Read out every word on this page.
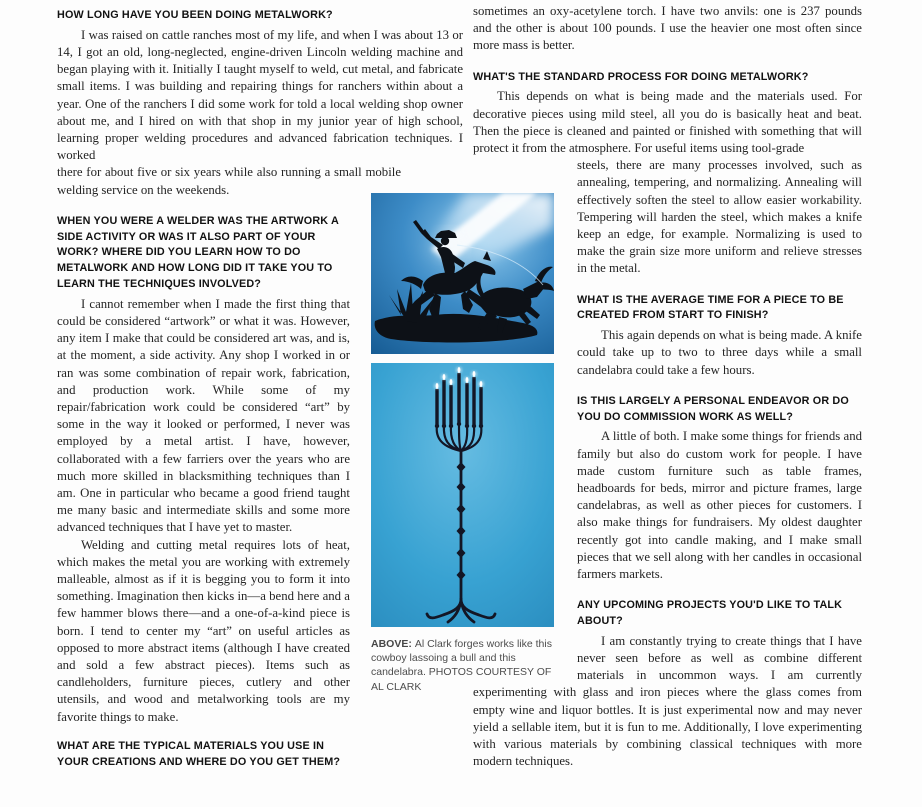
HOW LONG HAVE YOU BEEN DOING METALWORK?

I was raised on cattle ranches most of my life, and when I was about 13 or 14, I got an old, long-neglected, engine-driven Lincoln welding machine and began playing with it. Initially I taught myself to weld, cut metal, and fabricate small items. I was building and repairing things for ranchers within about a year. One of the ranchers I did some work for told a local welding shop owner about me, and I hired on with that shop in my junior year of high school, learning proper welding procedures and advanced fabrication techniques. I worked

there for about five or six years while also running a small mobile welding service on the weekends.

WHEN YOU WERE A WELDER WAS THE ARTWORK A SIDE ACTIVITY OR WAS IT ALSO PART OF YOUR WORK? WHERE DID YOU LEARN HOW TO DO METALWORK AND HOW LONG DID IT TAKE YOU TO LEARN THE TECHNIQUES INVOLVED?

I cannot remember when I made the first thing that could be considered “artwork” or what it was. However, any item I make that could be considered art was, and is, at the moment, a side activity. Any shop I worked in or ran was some combination of repair work, fabrication, and production work. While some of my repair/fabrication work could be considered “art” by some in the way it looked or performed, I never was employed by a metal artist. I have, however, collaborated with a few farriers over the years who are much more skilled in blacksmithing techniques than I am. One in particular who became a good friend taught me many basic and intermediate skills and some more advanced techniques that I have yet to master.

Welding and cutting metal requires lots of heat, which makes the metal you are working with extremely malleable, almost as if it is begging you to form it into something. Imagination then kicks in—a bend here and a few hammer blows there—and a one-of-a-kind piece is born. I tend to center my “art” on useful articles as opposed to more abstract items (although I have created and sold a few abstract pieces). Items such as candleholders, furniture pieces, cutlery and other utensils, and wood and metalworking tools are my favorite things to make.

WHAT ARE THE TYPICAL MATERIALS YOU USE IN YOUR CREATIONS AND WHERE DO YOU GET THEM?

sometimes an oxy-acetylene torch. I have two anvils: one is 237 pounds and the other is about 100 pounds. I use the heavier one most often since more mass is better.

WHAT'S THE STANDARD PROCESS FOR DOING METALWORK?

This depends on what is being made and the materials used. For decorative pieces using mild steel, all you do is basically heat and beat. Then the piece is cleaned and painted or finished with something that will protect it from the atmosphere. For useful items using tool-grade

steels, there are many processes involved, such as annealing, tempering, and normalizing. Annealing will effectively soften the steel to allow easier workability. Tempering will harden the steel, which makes a knife keep an edge, for example. Normalizing is used to make the grain size more uniform and relieve stresses in the metal.

WHAT IS THE AVERAGE TIME FOR A PIECE TO BE CREATED FROM START TO FINISH?

This again depends on what is being made. A knife could take up to two to three days while a small candelabra could take a few hours.

IS THIS LARGELY A PERSONAL ENDEAVOR OR DO YOU DO COMMISSION WORK AS WELL?

A little of both. I make some things for friends and family but also do custom work for people. I have made custom furniture such as table frames, headboards for beds, mirror and picture frames, large candelabras, as well as other pieces for customers. I also make things for fundraisers. My oldest daughter recently got into candle making, and I make small pieces that we sell along with her candles in occasional farmers markets.

ANY UPCOMING PROJECTS YOU'D LIKE TO TALK ABOUT?

I am constantly trying to create things that I have never seen before as well as combine different materials in uncommon ways. I am currently experimenting with glass and iron pieces where the glass comes from empty wine and liquor bottles. It is just experimental now and may never yield a sellable item, but it is fun to me. Additionally, I love experimenting with various materials by combining classical techniques with more modern techniques.

ABOVE: Al Clark forges works like this cowboy lassoing a bull and this candelabra. PHOTOS COURTESY OF AL CLARK
